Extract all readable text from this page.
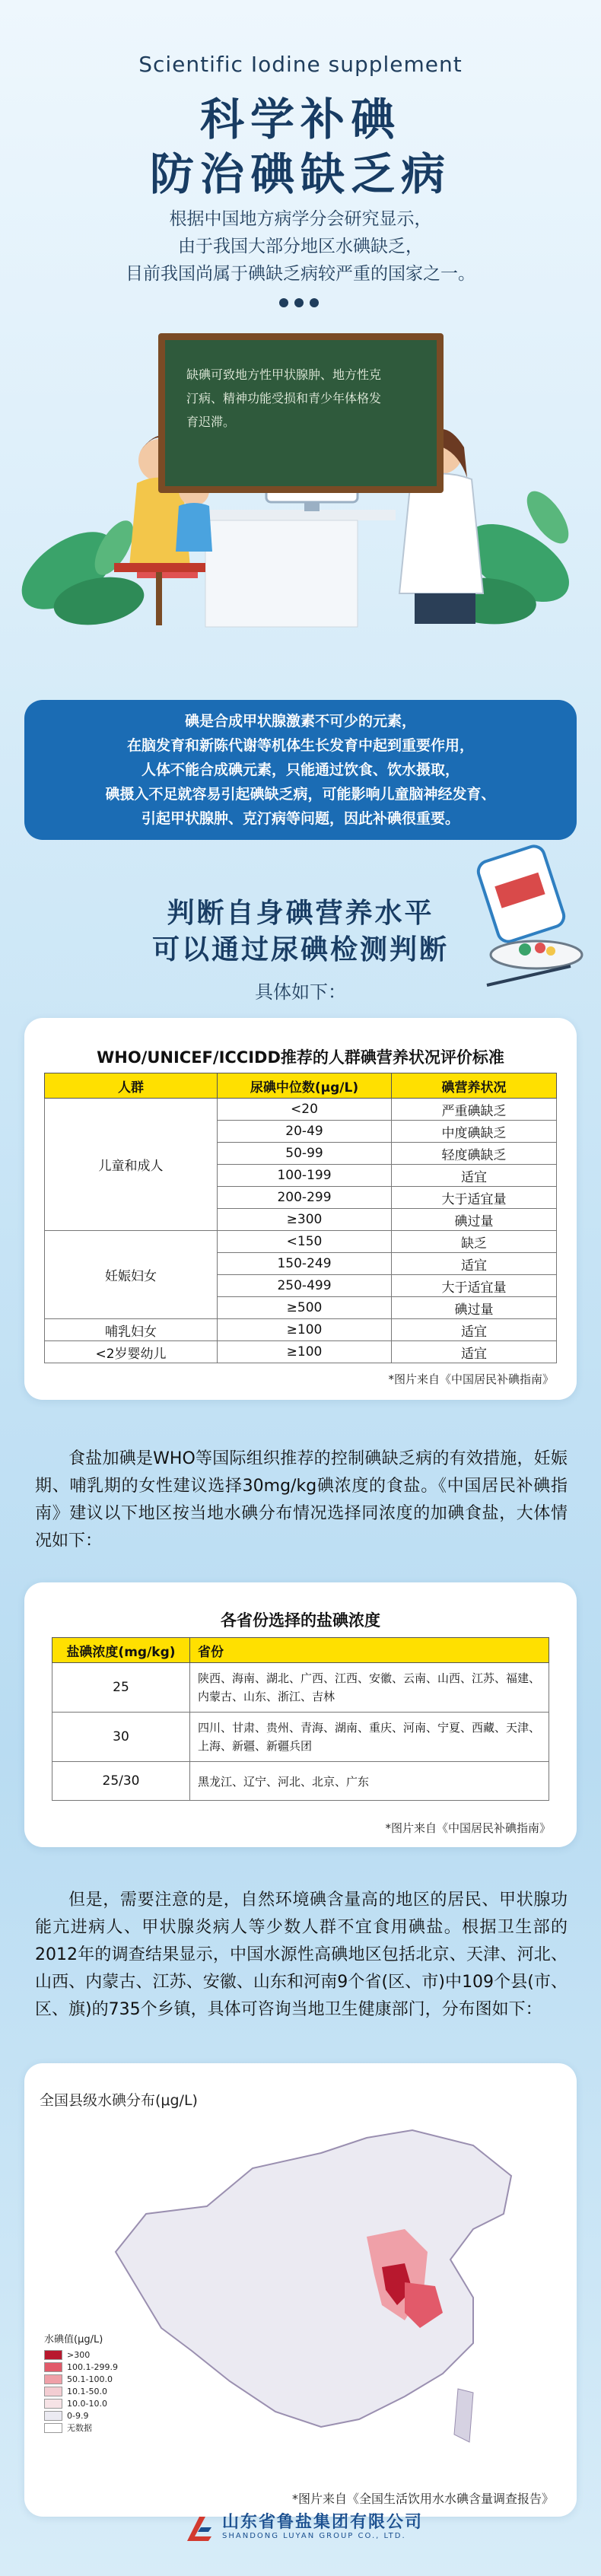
Scientific Iodine supplement
科学补碘
防治碘缺乏病
根据中国地方病学分会研究显示，
由于我国大部分地区水碘缺乏，
目前我国尚属于碘缺乏病较严重的国家之一。
缺碘可致地方性甲状腺肿、地方性克
汀病、精神功能受损和青少年体格发
育迟滞。
碘是合成甲状腺激素不可少的元素，
在脑发育和新陈代谢等机体生长发育中起到重要作用，
人体不能合成碘元素，只能通过饮食、饮水摄取，
碘摄入不足就容易引起碘缺乏病，可能影响儿童脑神经发育、
引起甲状腺肿、克汀病等问题，因此补碘很重要。
判断自身碘营养水平
可以通过尿碘检测判断
具体如下：
WHO/UNICEF/ICCIDD推荐的人群碘营养状况评价标准
人群	尿碘中位数(μg/L)	碘营养状况
儿童和成人	<20	严重碘缺乏
	20-49	中度碘缺乏
	50-99	轻度碘缺乏
	100-199	适宜
	200-299	大于适宜量
	≥300	碘过量
妊娠妇女	<150	缺乏
	150-249	适宜
	250-499	大于适宜量
	≥500	碘过量
哺乳妇女	≥100	适宜
<2岁婴幼儿	≥100	适宜
*图片来自《中国居民补碘指南》
食盐加碘是WHO等国际组织推荐的控制碘缺乏病的有效措施，妊娠期、哺乳期的女性建议选择30mg/kg碘浓度的食盐。《中国居民补碘指南》建议以下地区按当地水碘分布情况选择同浓度的加碘食盐，大体情况如下：
各省份选择的盐碘浓度
盐碘浓度(mg/kg)	省份
25	陕西、海南、湖北、广西、江西、安徽、云南、山西、江苏、福建、内蒙古、山东、浙江、吉林
30	四川、甘肃、贵州、青海、湖南、重庆、河南、宁夏、西藏、天津、上海、新疆、新疆兵团
25/30	黑龙江、辽宁、河北、北京、广东
*图片来自《中国居民补碘指南》
但是，需要注意的是，自然环境碘含量高的地区的居民、甲状腺功能亢进病人、甲状腺炎病人等少数人群不宜食用碘盐。根据卫生部的2012年的调查结果显示，中国水源性高碘地区包括北京、天津、河北、山西、内蒙古、江苏、安徽、山东和河南9个省(区、市)中109个县(市、区、旗)的735个乡镇，具体可咨询当地卫生健康部门，分布图如下：
全国县级水碘分布(μg/L)
水碘值(μg/L)
>300
100.1-299.9
50.1-100.0
10.1-50.0
10.0-10.0
0-9.9
无数据
*图片来自《全国生活饮用水水碘含量调查报告》
山东省鲁盐集团有限公司
SHANDONG LUYAN GROUP CO., LTD.
